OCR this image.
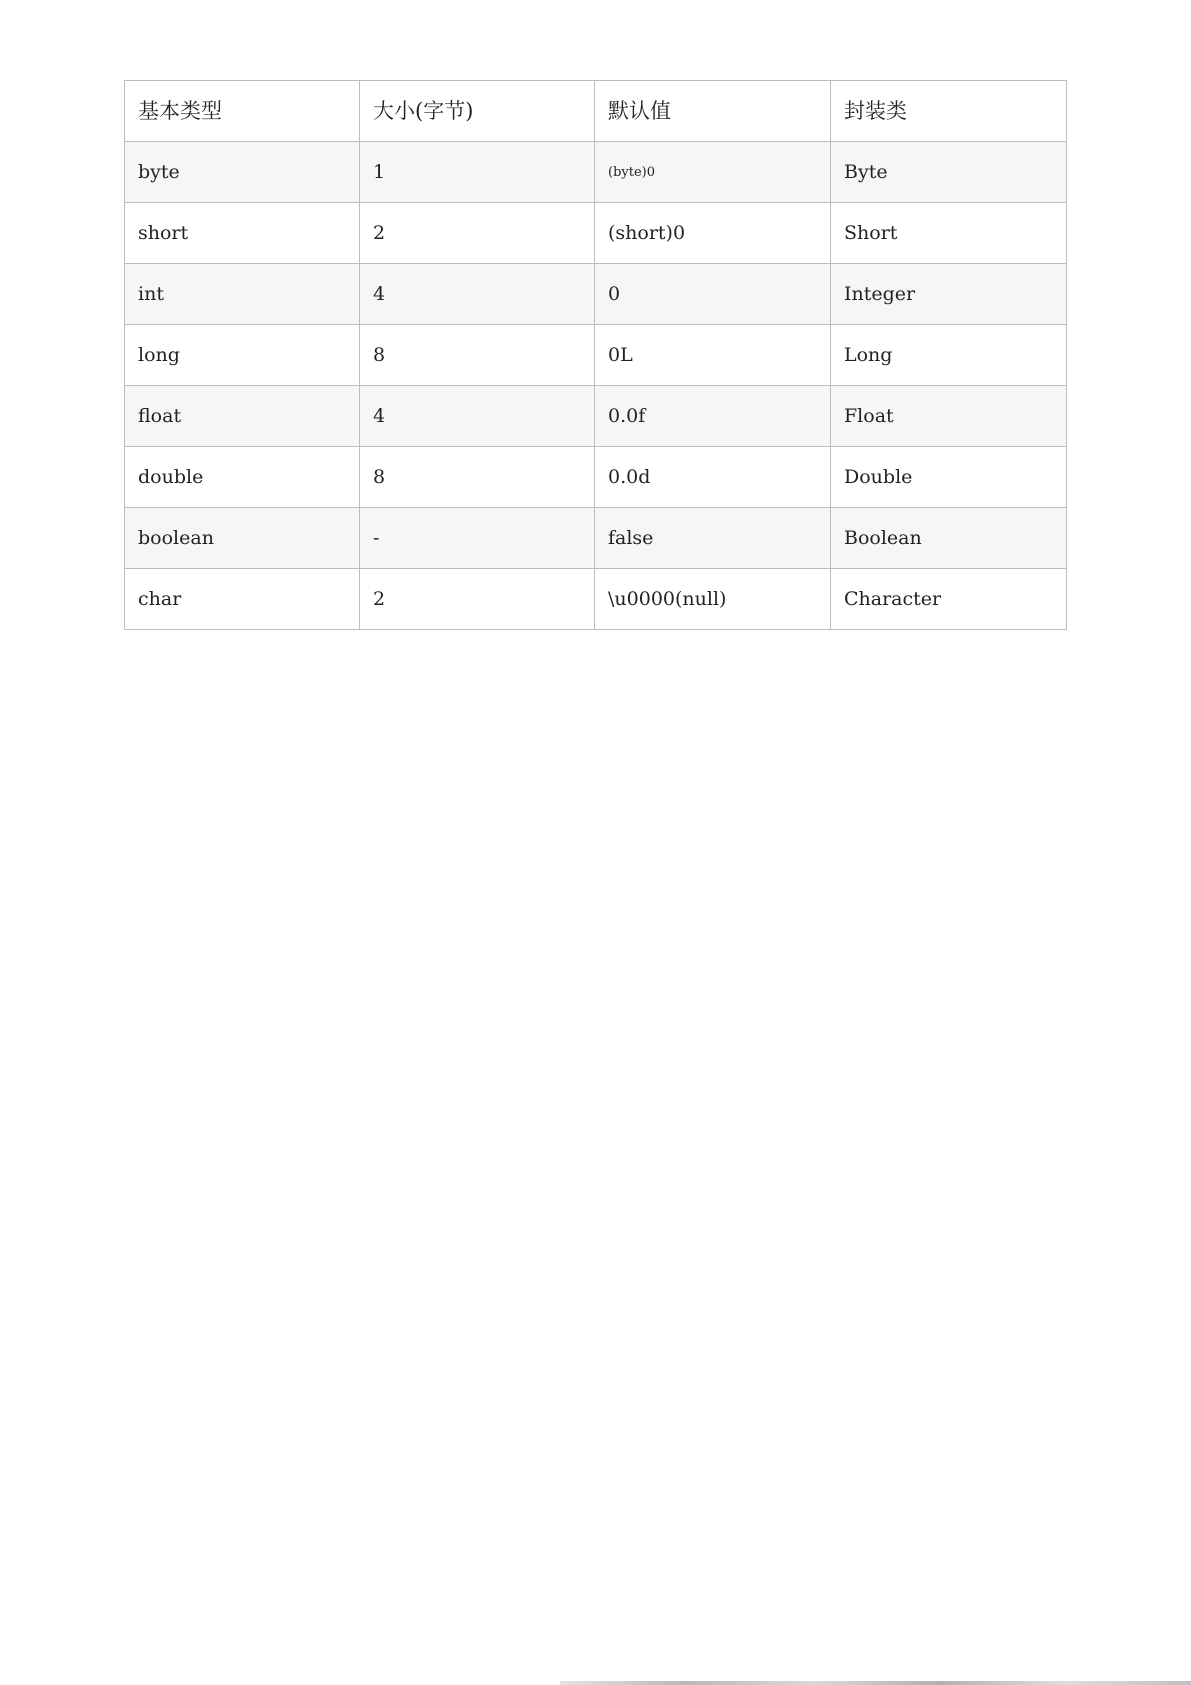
基本类型	大小(字节)	默认值	封装类
byte	1	(byte)0	Byte
short	2	(short)0	Short
int	4	0	Integer
long	8	0L	Long
float	4	0.0f	Float
double	8	0.0d	Double
boolean	-	false	Boolean
char	2	\u0000(null)	Character
